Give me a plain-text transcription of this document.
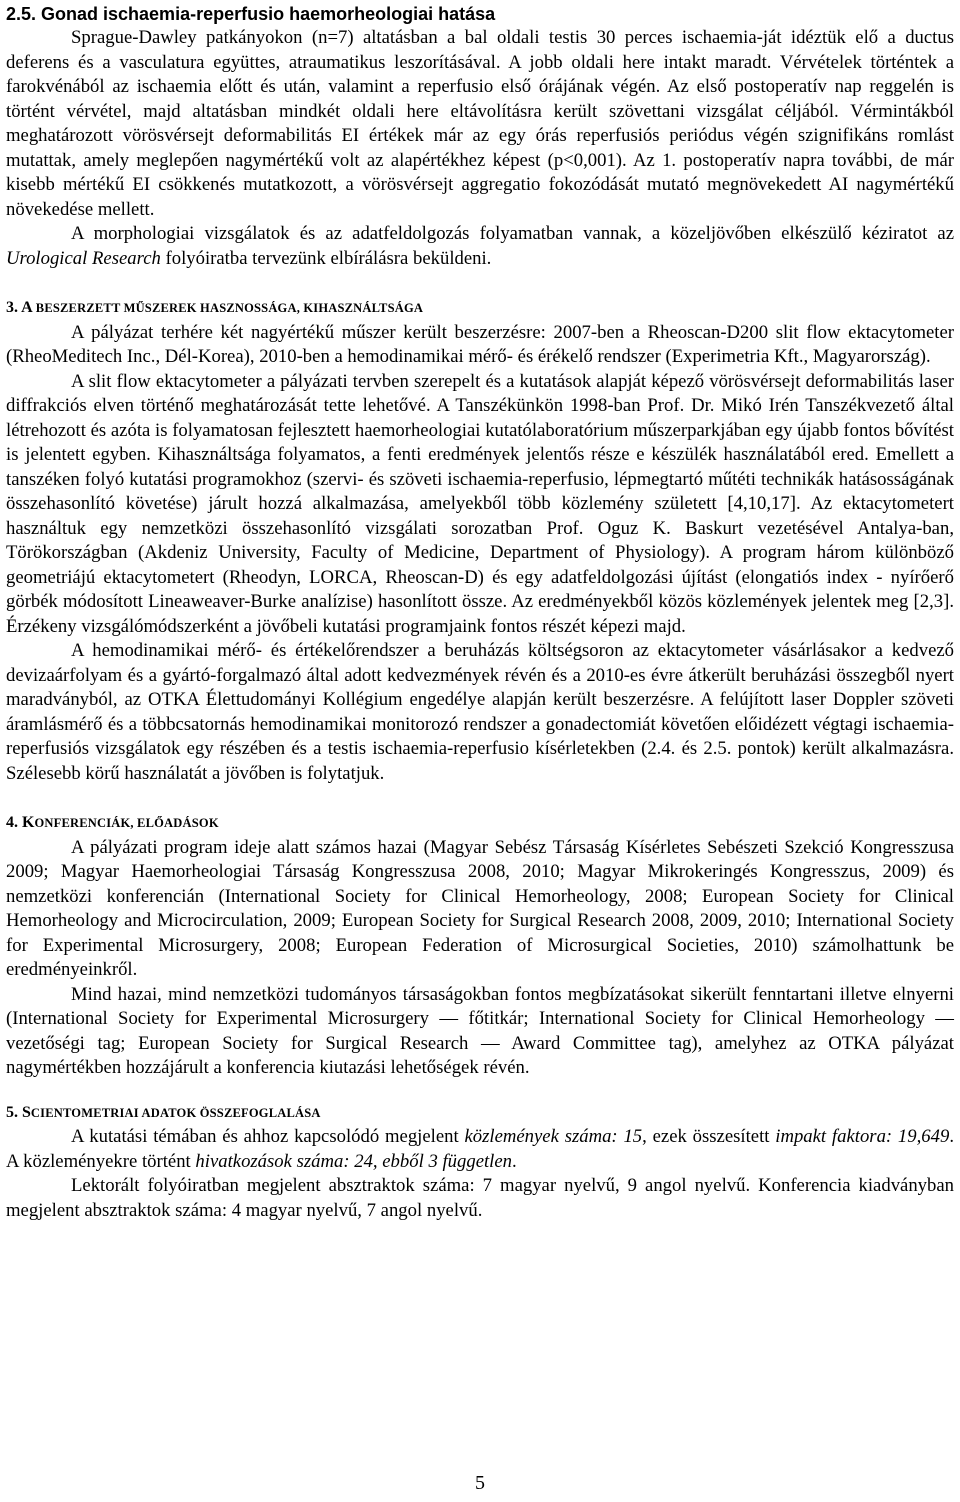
2.5. Gonad ischaemia-reperfusio haemorheologiai hatása

Sprague-Dawley patkányokon (n=7) altatásban a bal oldali testis 30 perces ischaemia-ját idéztük elő a ductus deferens és a vasculatura együttes, atraumatikus leszorításával. A jobb oldali here intakt maradt. Vérvételek történtek a farokvénából az ischaemia előtt és után, valamint a reperfusio első órájának végén. Az első postoperatív nap reggelén is történt vérvétel, majd altatásban mindkét oldali here eltávolításra került szövettani vizsgálat céljából. Vérmintákból meghatározott vörösvérsejt deformabilitás EI értékek már az egy órás reperfusiós periódus végén szignifikáns romlást mutattak, amely meglepően nagymértékű volt az alapértékhez képest (p<0,001). Az 1. postoperatív napra további, de már kisebb mértékű EI csökkenés mutatkozott, a vörösvérsejt aggregatio fokozódását mutató megnövekedett AI nagymértékű növekedése mellett.

A morphologiai vizsgálatok és az adatfeldolgozás folyamatban vannak, a közeljövőben elkészülő kéziratot az Urological Research folyóiratba tervezünk elbírálásra beküldeni.

3. A BESZERZETT MŰSZEREK HASZNOSSÁGA, KIHASZNÁLTSÁGA

A pályázat terhére két nagyértékű műszer került beszerzésre: 2007-ben a Rheoscan-D200 slit flow ektacytometer (RheoMeditech Inc., Dél-Korea), 2010-ben a hemodinamikai mérő- és érékelő rendszer (Experimetria Kft., Magyarország).

A slit flow ektacytometer a pályázati tervben szerepelt és a kutatások alapját képező vörösvérsejt deformabilitás laser diffrakciós elven történő meghatározását tette lehetővé. A Tanszékünkön 1998-ban Prof. Dr. Mikó Irén Tanszékvezető által létrehozott és azóta is folyamatosan fejlesztett haemorheologiai kutatólaboratórium műszerparkjában egy újabb fontos bővítést is jelentett egyben. Kihasználtsága folyamatos, a fenti eredmények jelentős része e készülék használatából ered. Emellett a tanszéken folyó kutatási programokhoz (szervi- és szöveti ischaemia-reperfusio, lépmegtartó műtéti technikák hatásosságának összehasonlító követése) járult hozzá alkalmazása, amelyekből több közlemény született [4,10,17]. Az ektacytometert használtuk egy nemzetközi összehasonlító vizsgálati sorozatban Prof. Oguz K. Baskurt vezetésével Antalya-ban, Törökországban (Akdeniz University, Faculty of Medicine, Department of Physiology). A program három különböző geometriájú ektacytometert (Rheodyn, LORCA, Rheoscan-D) és egy adatfeldolgozási újítást (elongatiós index - nyírőerő görbék módosított Lineaweaver-Burke analízise) hasonlított össze. Az eredményekből közös közlemények jelentek meg [2,3]. Érzékeny vizsgálómódszerként a jövőbeli kutatási programjaink fontos részét képezi majd.

A hemodinamikai mérő- és értékelőrendszer a beruházás költségsoron az ektacytometer vásárlásakor a kedvező devizaárfolyam és a gyártó-forgalmazó által adott kedvezmények révén és a 2010-es évre átkerült beruházási összegből nyert maradványból, az OTKA Élettudományi Kollégium engedélye alapján került beszerzésre. A felújított laser Doppler szöveti áramlásmérő és a többcsatornás hemodinamikai monitorozó rendszer a gonadectomiát követően előidézett végtagi ischaemia-reperfusiós vizsgálatok egy részében és a testis ischaemia-reperfusio kísérletekben (2.4. és 2.5. pontok) került alkalmazásra. Szélesebb körű használatát a jövőben is folytatjuk.

4. KONFERENCIÁK, ELŐADÁSOK

A pályázati program ideje alatt számos hazai (Magyar Sebész Társaság Kísérletes Sebészeti Szekció Kongresszusa 2009; Magyar Haemorheologiai Társaság Kongresszusa 2008, 2010; Magyar Mikrokeringés Kongresszus, 2009) és nemzetközi konferencián (International Society for Clinical Hemorheology, 2008; European Society for Clinical Hemorheology and Microcirculation, 2009; European Society for Surgical Research 2008, 2009, 2010; International Society for Experimental Microsurgery, 2008; European Federation of Microsurgical Societies, 2010) számolhattunk be eredményeinkről.

Mind hazai, mind nemzetközi tudományos társaságokban fontos megbízatásokat sikerült fenntartani illetve elnyerni (International Society for Experimental Microsurgery — főtitkár; International Society for Clinical Hemorheology — vezetőségi tag; European Society for Surgical Research — Award Committee tag), amelyhez az OTKA pályázat nagymértékben hozzájárult a konferencia kiutazási lehetőségek révén.

5. SCIENTOMETRIAI ADATOK ÖSSZEFOGLALÁSA

A kutatási témában és ahhoz kapcsolódó megjelent közlemények száma: 15, ezek összesített impakt faktora: 19,649. A közleményekre történt hivatkozások száma: 24, ebből 3 független.

Lektorált folyóiratban megjelent absztraktok száma: 7 magyar nyelvű, 9 angol nyelvű. Konferencia kiadványban megjelent absztraktok száma: 4 magyar nyelvű, 7 angol nyelvű.

5
